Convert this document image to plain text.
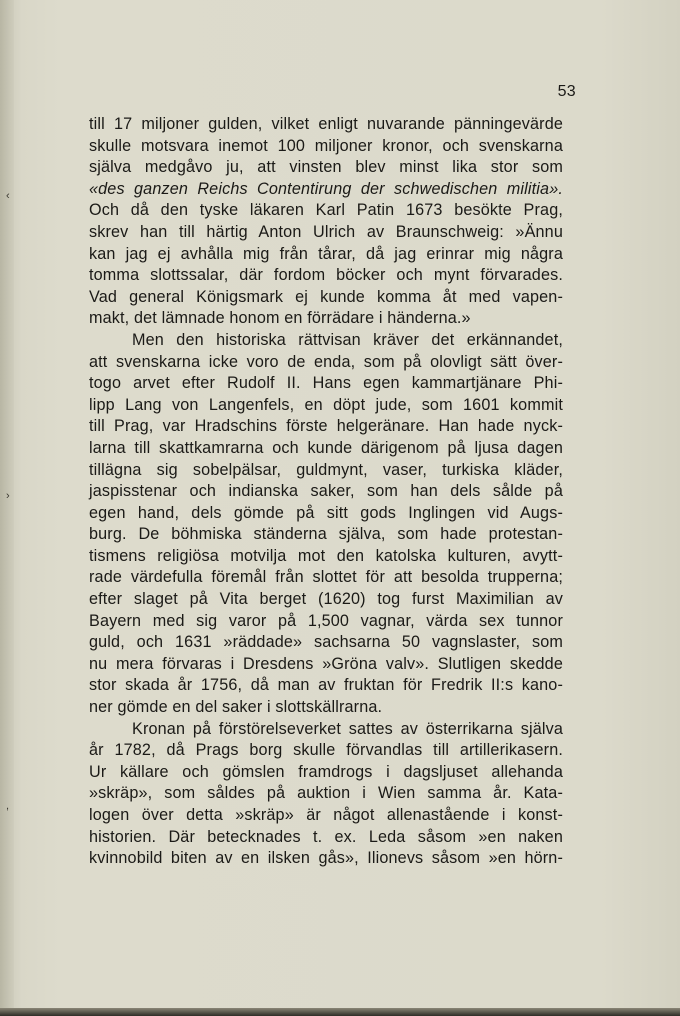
53
till 17 miljoner gulden, vilket enligt nuvarande pänningevärde
skulle motsvara inemot 100 miljoner kronor, och svenskarna
själva medgåvo ju, att vinsten blev minst lika stor som
«des ganzen Reichs Contentirung der schwedischen militia».
Och då den tyske läkaren Karl Patin 1673 besökte Prag,
skrev han till härtig Anton Ulrich av Braunschweig: »Ännu
kan jag ej avhålla mig från tårar, då jag erinrar mig några
tomma slottssalar, där fordom böcker och mynt förvarades.
Vad general Königsmark ej kunde komma åt med vapen-
makt, det lämnade honom en förrädare i händerna.»
Men den historiska rättvisan kräver det erkännandet,
att svenskarna icke voro de enda, som på olovligt sätt över-
togo arvet efter Rudolf II. Hans egen kammartjänare Phi-
lipp Lang von Langenfels, en döpt jude, som 1601 kommit
till Prag, var Hradschins förste helgeränare. Han hade nyck-
larna till skattkamrarna och kunde därigenom på ljusa dagen
tillägna sig sobelpälsar, guldmynt, vaser, turkiska kläder,
jaspisstenar och indianska saker, som han dels sålde på
egen hand, dels gömde på sitt gods Inglingen vid Augs-
burg. De böhmiska ständerna själva, som hade protestan-
tismens religiösa motvilja mot den katolska kulturen, avytt-
rade värdefulla föremål från slottet för att besolda trupperna;
efter slaget på Vita berget (1620) tog furst Maximilian av
Bayern med sig varor på 1,500 vagnar, värda sex tunnor
guld, och 1631 »räddade» sachsarna 50 vagnslaster, som
nu mera förvaras i Dresdens »Gröna valv». Slutligen skedde
stor skada år 1756, då man av fruktan för Fredrik II:s kano-
ner gömde en del saker i slottskällrarna.
Kronan på förstörelseverket sattes av österrikarna själva
år 1782, då Prags borg skulle förvandlas till artillerikasern.
Ur källare och gömslen framdrogs i dagsljuset allehanda
»skräp», som såldes på auktion i Wien samma år. Kata-
logen över detta »skräp» är något allenastående i konst-
historien. Där betecknades t. ex. Leda såsom »en naken
kvinnobild biten av en ilsken gås», Ilionevs såsom »en hörn-
‹
›
,
